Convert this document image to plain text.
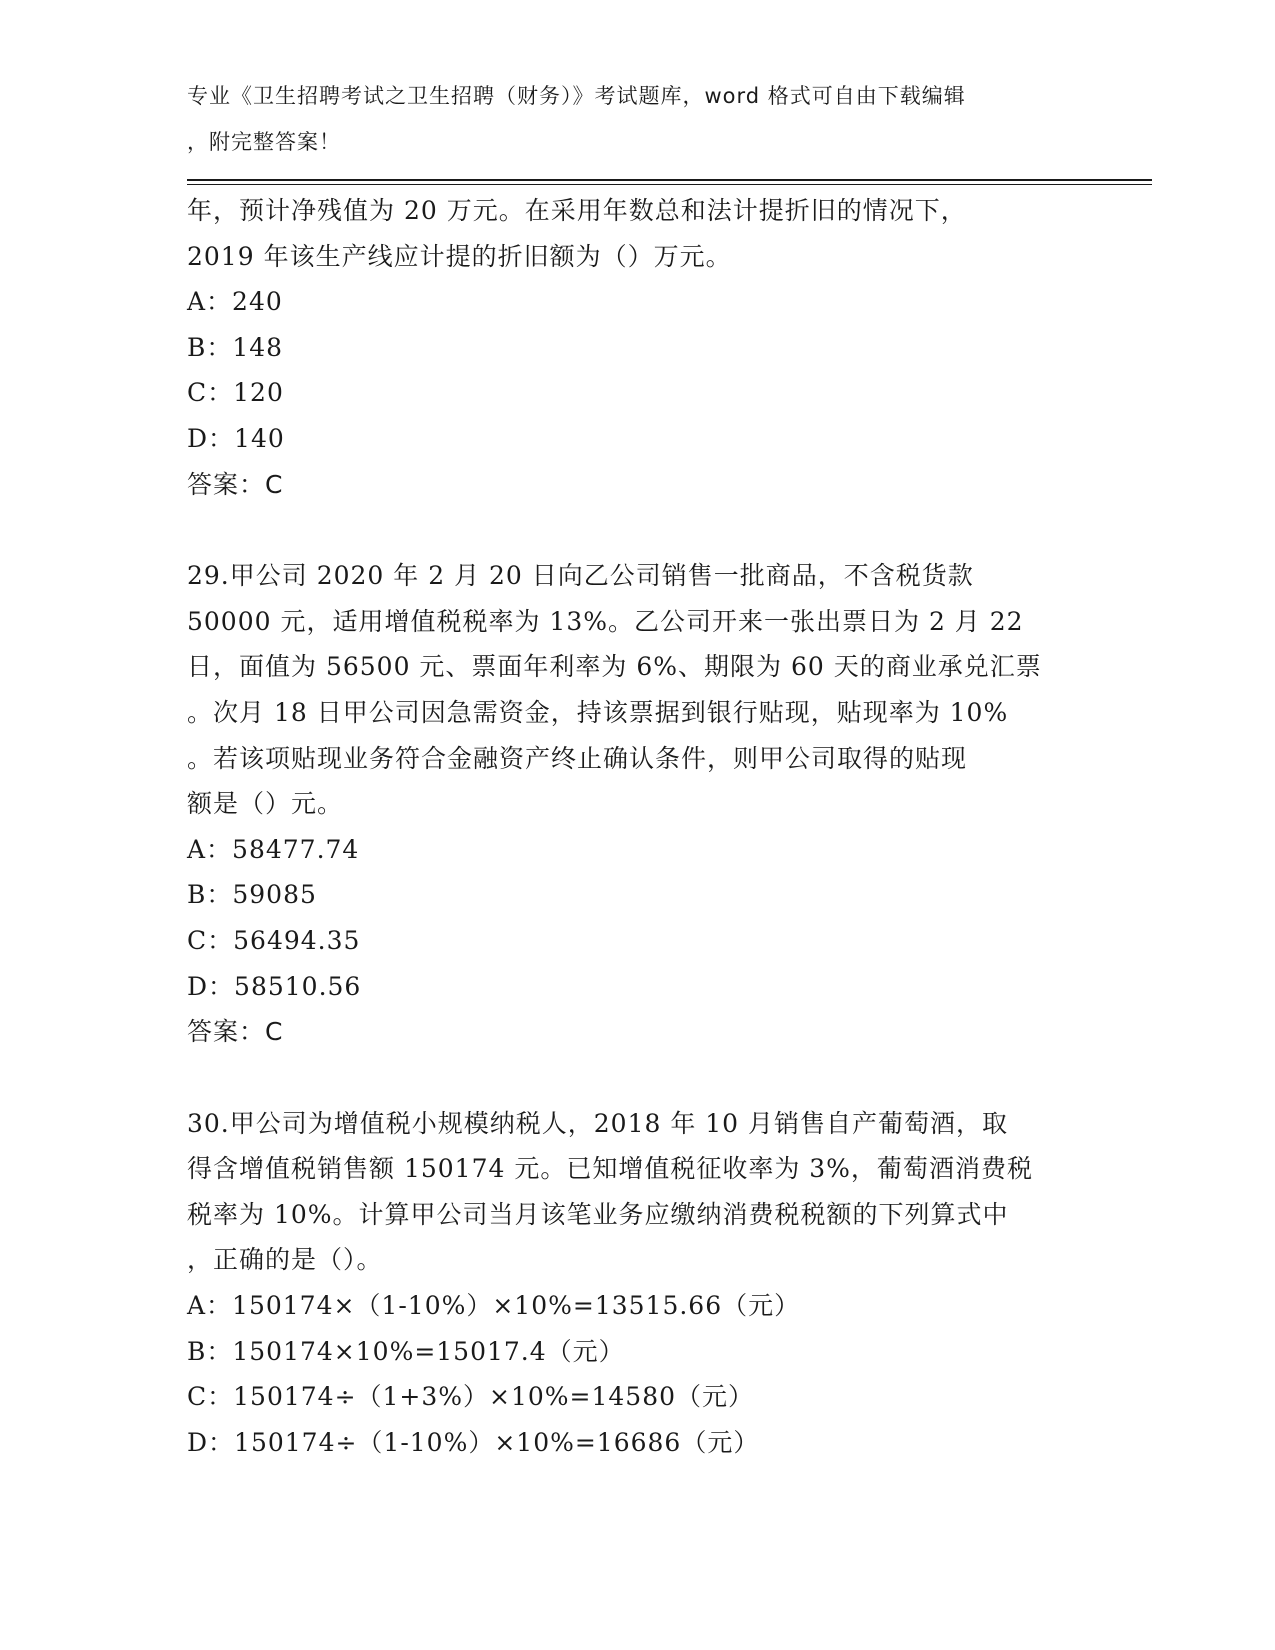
专业《卫生招聘考试之卫生招聘（财务）》考试题库，word 格式可自由下载编辑
，附完整答案！
年，预计净残值为 20 万元。在采用年数总和法计提折旧的情况下，
2019 年该生产线应计提的折旧额为（）万元。
A：240
B：148
C：120
D：140
答案：C
29.甲公司 2020 年 2 月 20 日向乙公司销售一批商品，不含税货款
50000 元，适用增值税税率为 13%。乙公司开来一张出票日为 2 月 22
日，面值为 56500 元、票面年利率为 6%、期限为 60 天的商业承兑汇票
。次月 18 日甲公司因急需资金，持该票据到银行贴现，贴现率为 10%
。若该项贴现业务符合金融资产终止确认条件，则甲公司取得的贴现
额是（）元。
A：58477.74
B：59085
C：56494.35
D：58510.56
答案：C
30.甲公司为增值税小规模纳税人，2018 年 10 月销售自产葡萄酒，取
得含增值税销售额 150174 元。已知增值税征收率为 3%，葡萄酒消费税
税率为 10%。计算甲公司当月该笔业务应缴纳消费税税额的下列算式中
，正确的是（）。
A：150174×（1-10%）×10%=13515.66（元）
B：150174×10%=15017.4（元）
C：150174÷（1+3%）×10%=14580（元）
D：150174÷（1-10%）×10%=16686（元）
